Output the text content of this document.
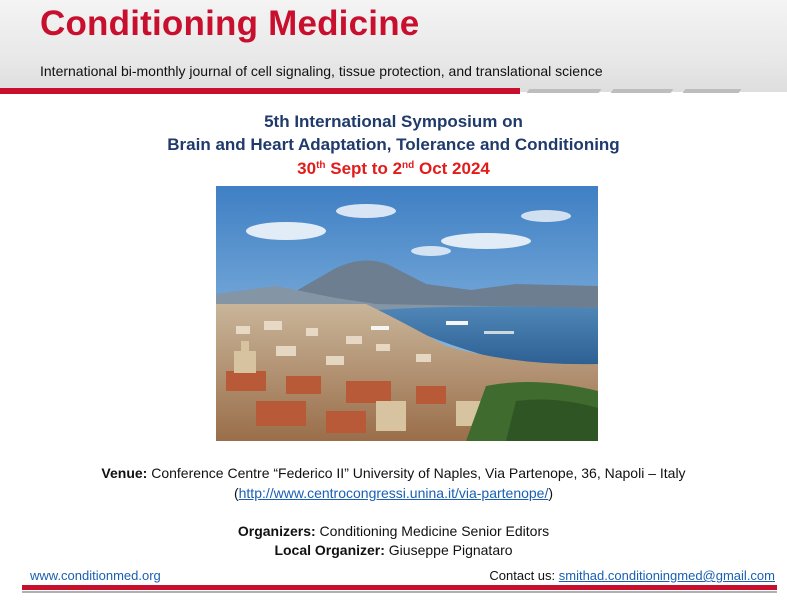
Conditioning Medicine
International bi-monthly journal of cell signaling, tissue protection, and translational science
5th International Symposium on
Brain and Heart Adaptation, Tolerance and Conditioning
30th Sept to 2nd Oct 2024
Venue: Conference Centre “Federico II” University of Naples, Via Partenope, 36, Napoli – Italy
(http://www.centrocongressi.unina.it/via-partenope/)
Organizers: Conditioning Medicine Senior Editors
Local Organizer: Giuseppe Pignataro
www.conditionmed.org	Contact us: smithad.conditioningmed@gmail.com
